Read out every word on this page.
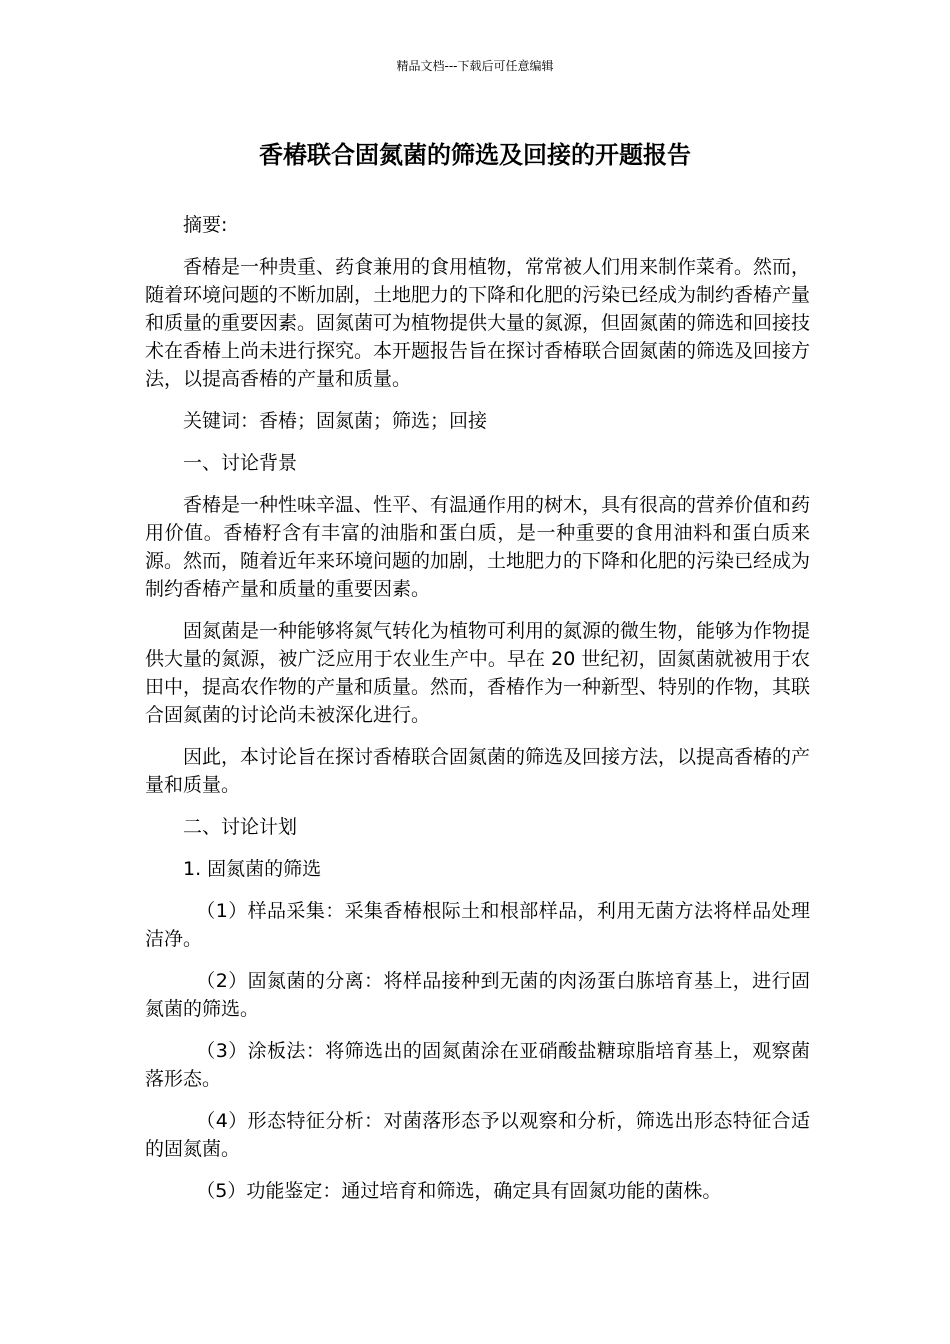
精品文档---下载后可任意编辑
香椿联合固氮菌的筛选及回接的开题报告

摘要:

香椿是一种贵重、药食兼用的食用植物，常常被人们用来制作菜肴。然而，随着环境问题的不断加剧，土地肥力的下降和化肥的污染已经成为制约香椿产量和质量的重要因素。固氮菌可为植物提供大量的氮源，但固氮菌的筛选和回接技术在香椿上尚未进行探究。本开题报告旨在探讨香椿联合固氮菌的筛选及回接方法，以提高香椿的产量和质量。

关键词：香椿；固氮菌；筛选；回接

一、讨论背景

香椿是一种性味辛温、性平、有温通作用的树木，具有很高的营养价值和药用价值。香椿籽含有丰富的油脂和蛋白质，是一种重要的食用油料和蛋白质来源。然而，随着近年来环境问题的加剧，土地肥力的下降和化肥的污染已经成为制约香椿产量和质量的重要因素。

固氮菌是一种能够将氮气转化为植物可利用的氮源的微生物，能够为作物提供大量的氮源，被广泛应用于农业生产中。早在 20 世纪初，固氮菌就被用于农田中，提高农作物的产量和质量。然而，香椿作为一种新型、特别的作物，其联合固氮菌的讨论尚未被深化进行。

因此，本讨论旨在探讨香椿联合固氮菌的筛选及回接方法，以提高香椿的产量和质量。

二、讨论计划

1. 固氮菌的筛选

（1）样品采集：采集香椿根际土和根部样品，利用无菌方法将样品处理洁净。

（2）固氮菌的分离：将样品接种到无菌的肉汤蛋白胨培育基上，进行固氮菌的筛选。

（3）涂板法：将筛选出的固氮菌涂在亚硝酸盐糖琼脂培育基上，观察菌落形态。

（4）形态特征分析：对菌落形态予以观察和分析，筛选出形态特征合适的固氮菌。

（5）功能鉴定：通过培育和筛选，确定具有固氮功能的菌株。
